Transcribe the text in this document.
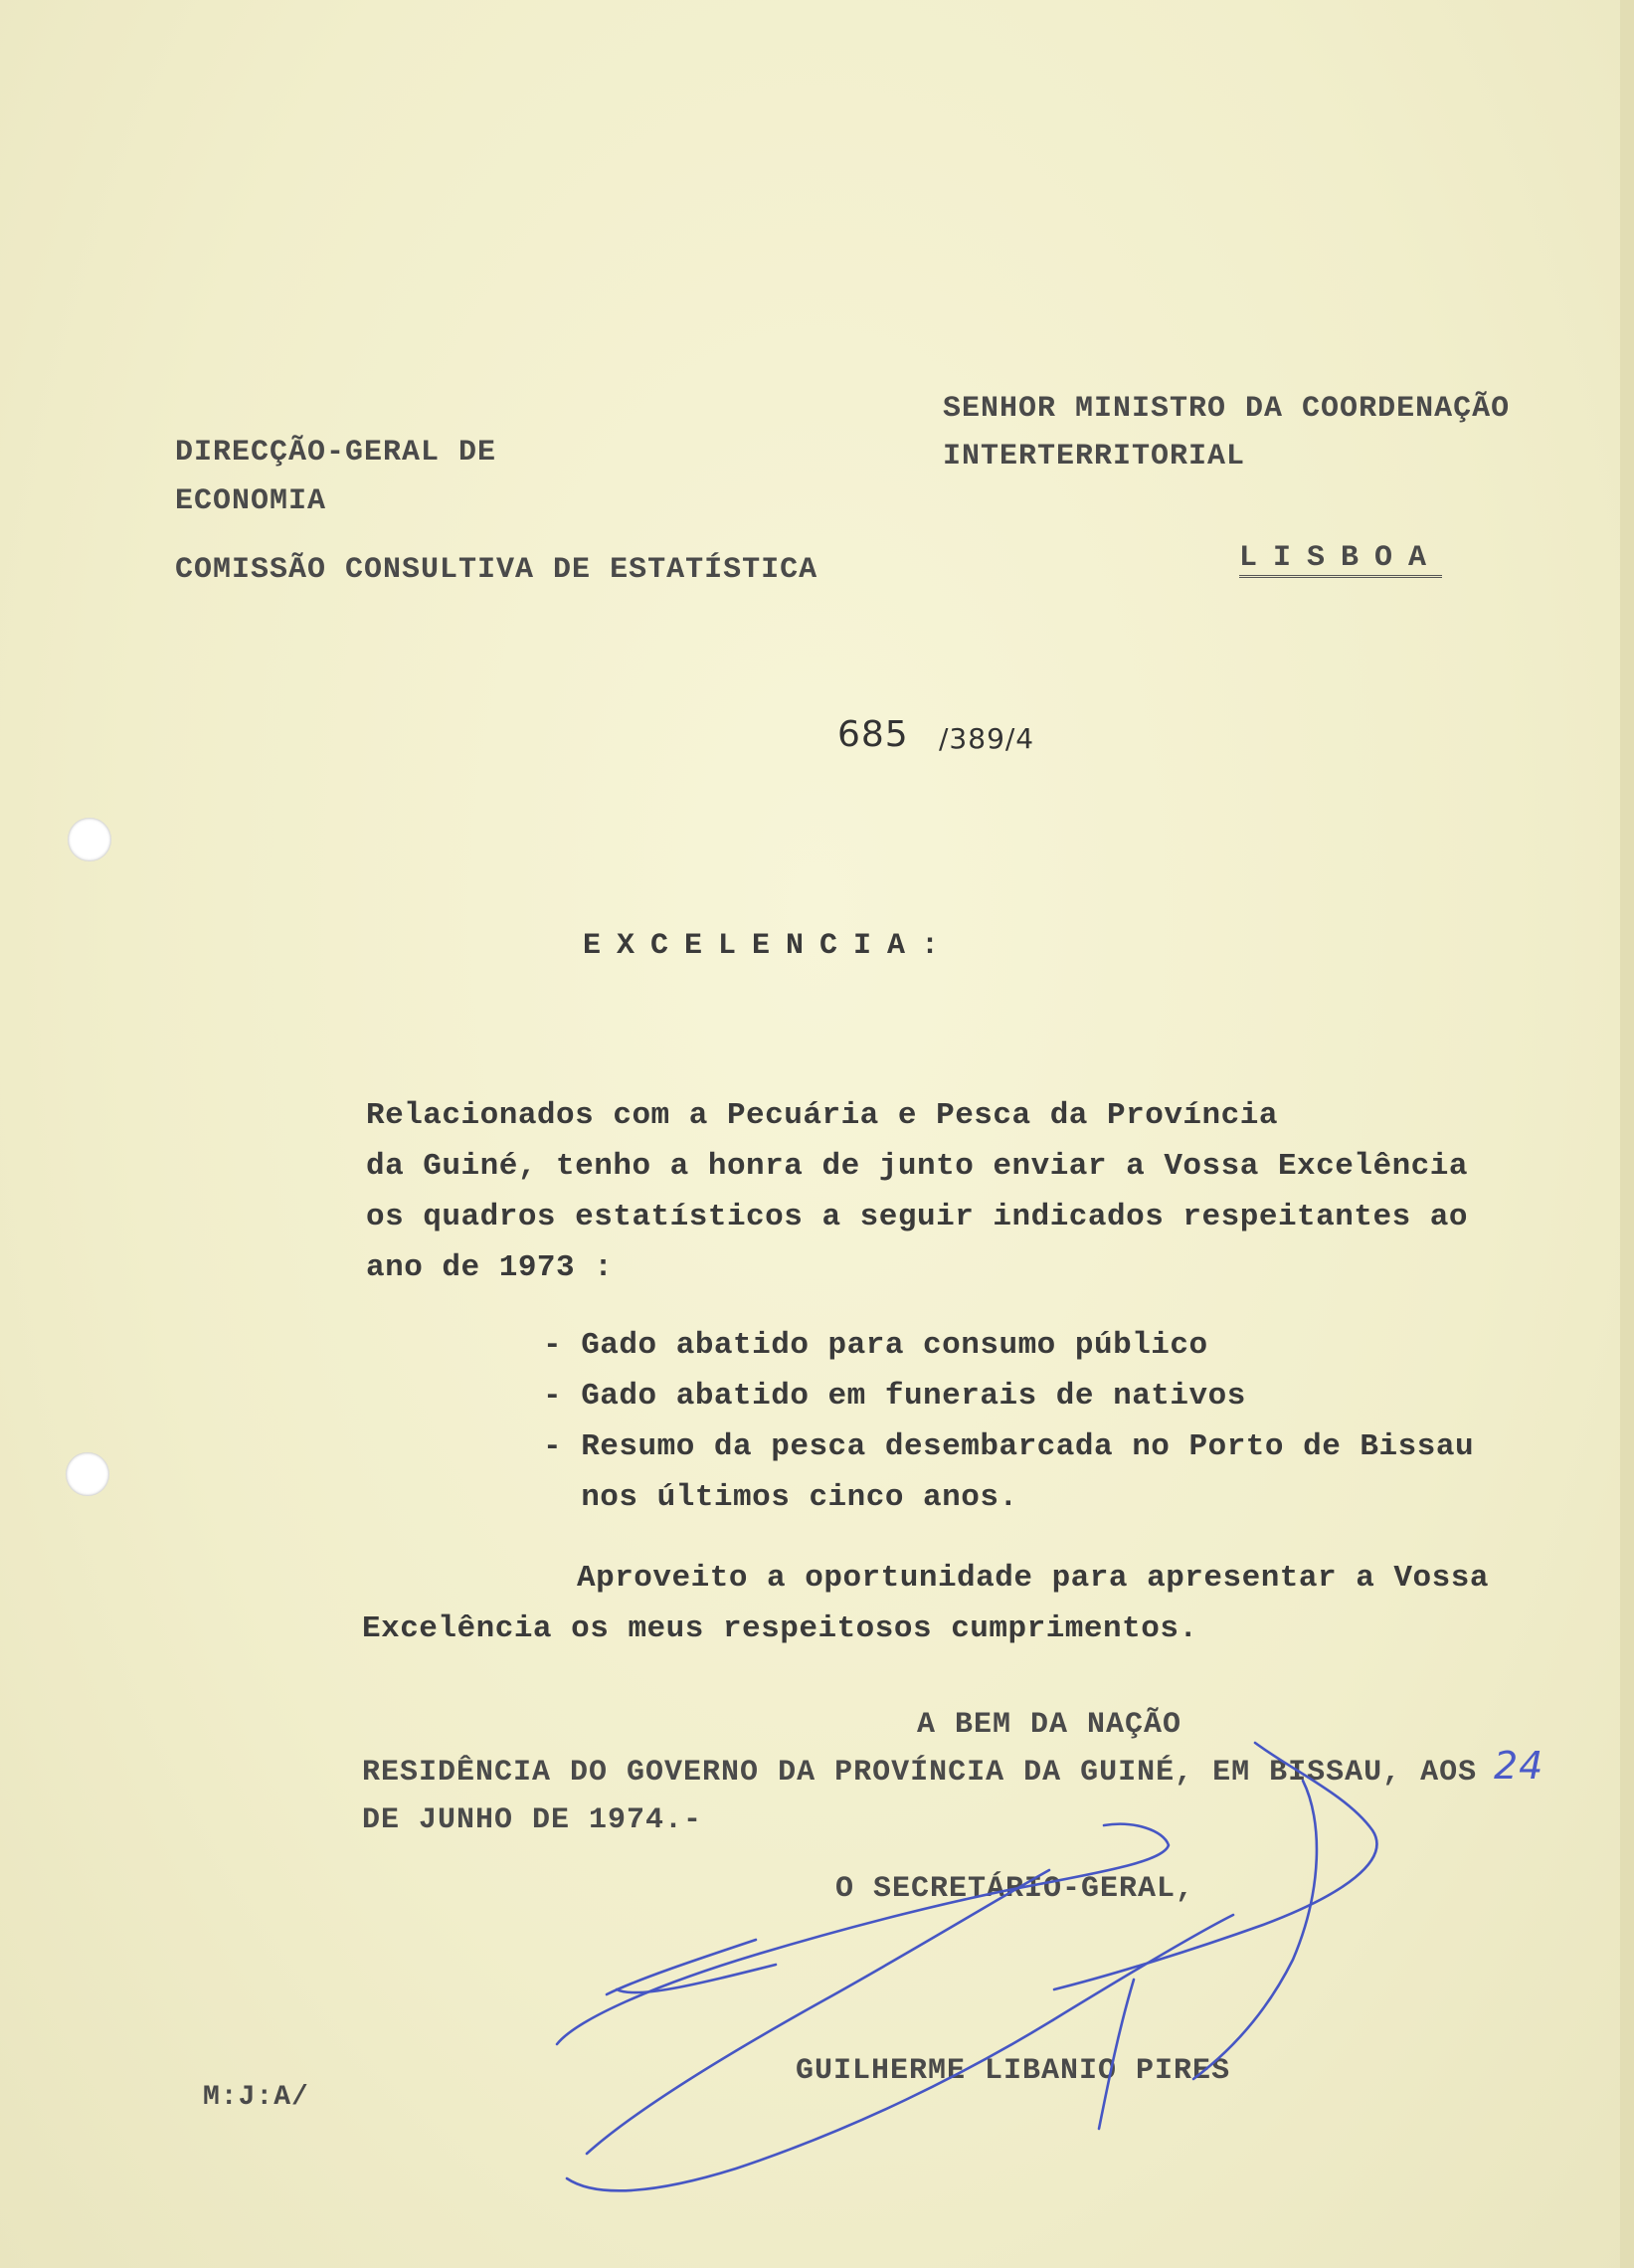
DIRECÇÃO-GERAL DE
ECONOMIA
COMISSÃO CONSULTIVA DE ESTATÍSTICA
SENHOR MINISTRO DA COORDENAÇÃO
INTERTERRITORIAL
LISBOA
685 /389/4
EXCELENCIA:
Relacionados com a Pecuária e Pesca da Província
da Guiné, tenho a honra de junto enviar a Vossa Excelência
os quadros estatísticos a seguir indicados respeitantes ao
ano de 1973 :
- Gado abatido para consumo público
- Gado abatido em funerais de nativos
- Resumo da pesca desembarcada no Porto de Bissau
nos últimos cinco anos.
Aproveito a oportunidade para apresentar a Vossa
Excelência os meus respeitosos cumprimentos.
A BEM DA NAÇÃO
RESIDÊNCIA DO GOVERNO DA PROVÍNCIA DA GUINÉ, EM BISSAU, AOS 24
DE JUNHO DE 1974.-
O SECRETÁRIO-GERAL,
GUILHERME LIBANIO PIRES
M:J:A/
